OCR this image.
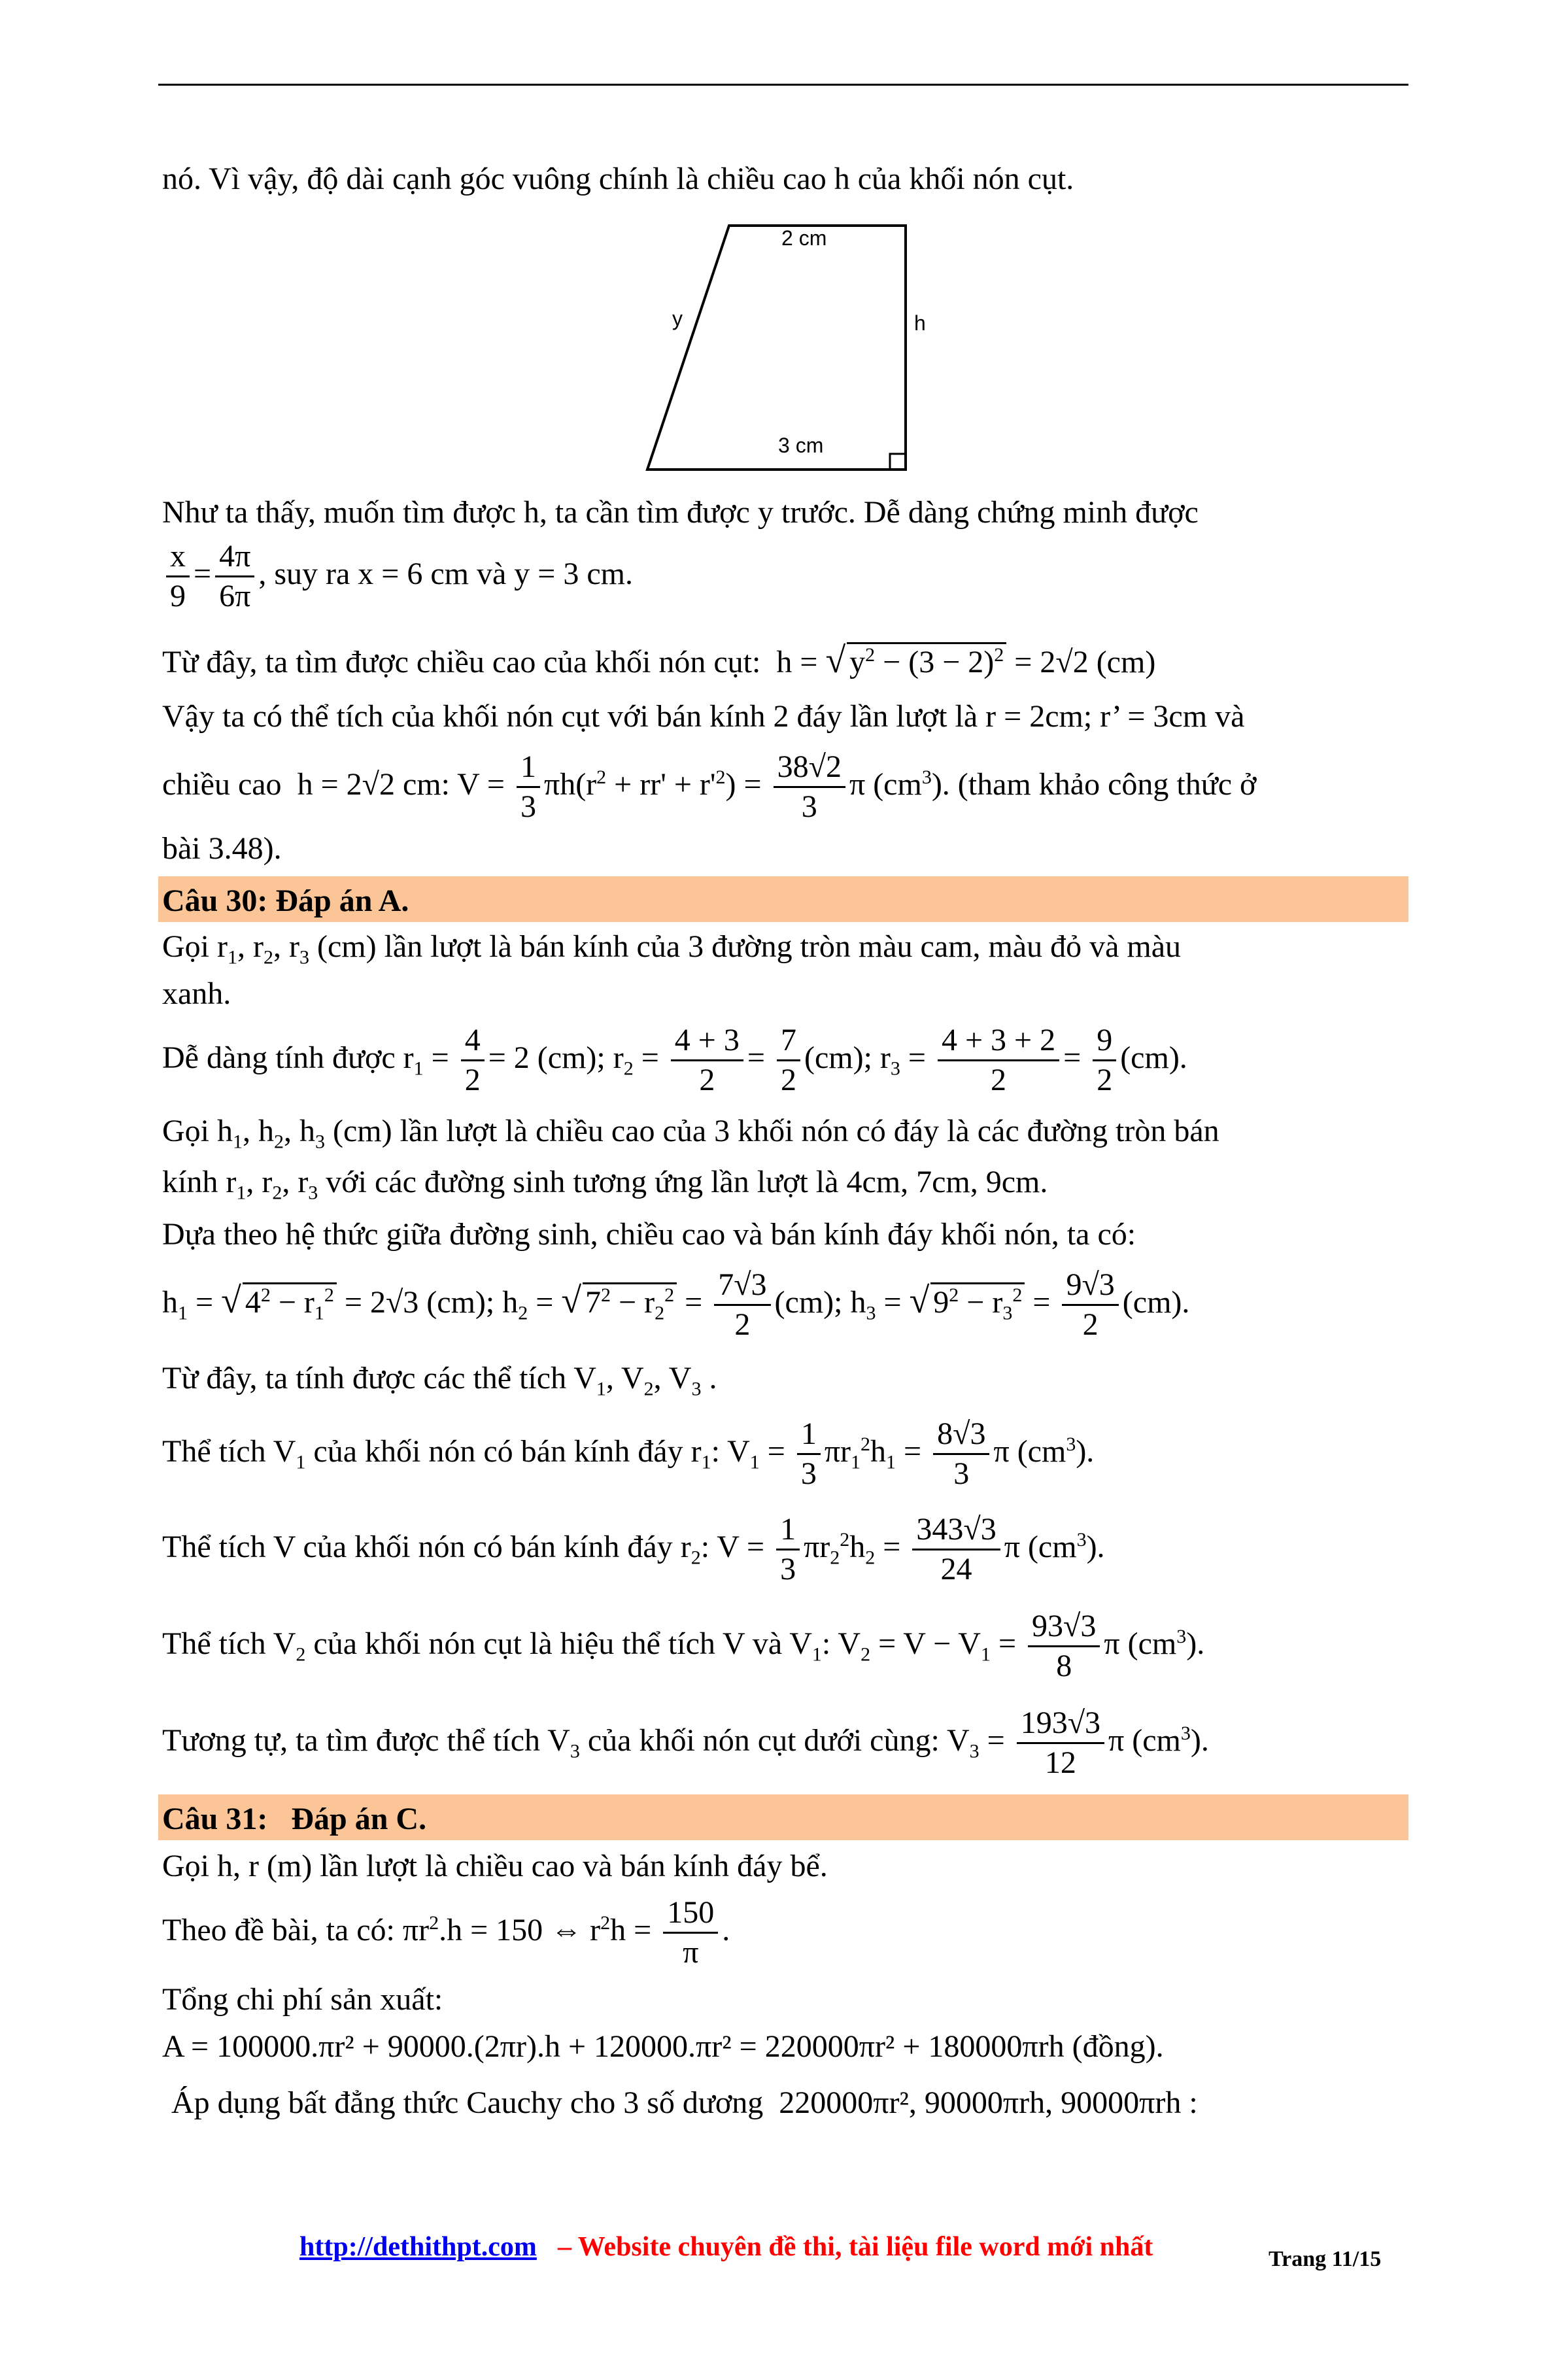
nó. Vì vậy, độ dài cạnh góc vuông chính là chiều cao h của khối nón cụt.
2 cm
y	h
3 cm
Như ta thấy, muốn tìm được h, ta cần tìm được y trước. Dễ dàng chứng minh được
$\frac{x}{9} = \frac{4\pi}{6\pi}$ , suy ra x = 6 cm và y = 3 cm.
Từ đây, ta tìm được chiều cao của khối nón cụt:  h = √ $y^2 - (3 - 2)^2 = 2√2$ (cm)
Vậy ta có thể tích của khối nón cụt với bán kính 2 đáy lần lượt là r = 2cm; r’ = 3cm và
chiều cao  h = 2√2 cm: $V = \frac{1}{3} \pi h(r^2 + rr' + r'^2) = \frac{38√2}{3}$ π $(cm^3)$. (tham khảo công thức ở
bài 3.48).
Câu 30: Đáp án A.
Gọi $r_1$, $r_2$, $r_3$ (cm) lần lượt là bán kính của 3 đường tròn màu cam, màu đỏ và màu
xanh.
Dễ dàng tính được $r_1 = \frac{4}{2} = 2$ (cm); $r_2 = \frac{4 + 3}{2} = \frac{7}{2} (cm)$; $r_3 = \frac{4 + 3 + 2}{2} = \frac{9}{2} (cm)$.
Gọi $h_1$, $h_2$, $h_3$ (cm) lần lượt là chiều cao của 3 khối nón có đáy là các đường tròn bán
kính $r_1$, $r_2$, $r_3$ với các đường sinh tương ứng lần lượt là 4cm, 7cm, 9cm.
Dựa theo hệ thức giữa đường sinh, chiều cao và bán kính đáy khối nón, ta có:
$h_1$ = √ $4^2 - r_1^2 = 2√3$ (cm); $h_2$ = √ $7^2 - r_2^2 = \frac{7√3}{2} (cm)$; $h_3$ = √ $9^2 - r_3^2 = \frac{9√3}{2} (cm)$.
Từ đây, ta tính được các thể tích $V_1$, $V_2$, $V_3$ .
Thể tích $V_1$ của khối nón có bán kính đáy $r_1$: $V_1 = \frac{1}{3} \pi r_1^2h_1 = \frac{8√3}{3}$ π $(cm^3)$.
Thể tích V của khối nón có bán kính đáy $r_2$: $V = \frac{1}{3} \pi r_2^2h_2 = \frac{343√3}{24}$ π $(cm^3)$.
Thể tích $V_2$ của khối nón cụt là hiệu thể tích V và $V_1$: $V_2 = V - V_1 = \frac{93√3}{8}$ π $(cm^3)$.
Tương tự, ta tìm được thể tích $V_3$ của khối nón cụt dưới cùng: $V_3 = \frac{193√3}{12}$ π $(cm^3)$.
Câu 31: Đáp án C.
Gọi h, r (m) lần lượt là chiều cao và bán kính đáy bể.
Theo đề bài, ta có: $\pi r^2.h = 150$ ⇔ $r^2h = \frac{150}{\pi}$ .
Tổng chi phí sản xuất:
A = 100000.πr² + 90000.(2πr).h + 120000.πr² = 220000πr² + 180000πrh (đồng).
Áp dụng bất đẳng thức Cauchy cho 3 số dương 220000πr², 90000πrh, 90000πrh :
http://dethithpt.com – Website chuyên đề thi, tài liệu file word mới nhất	Trang 11/15
